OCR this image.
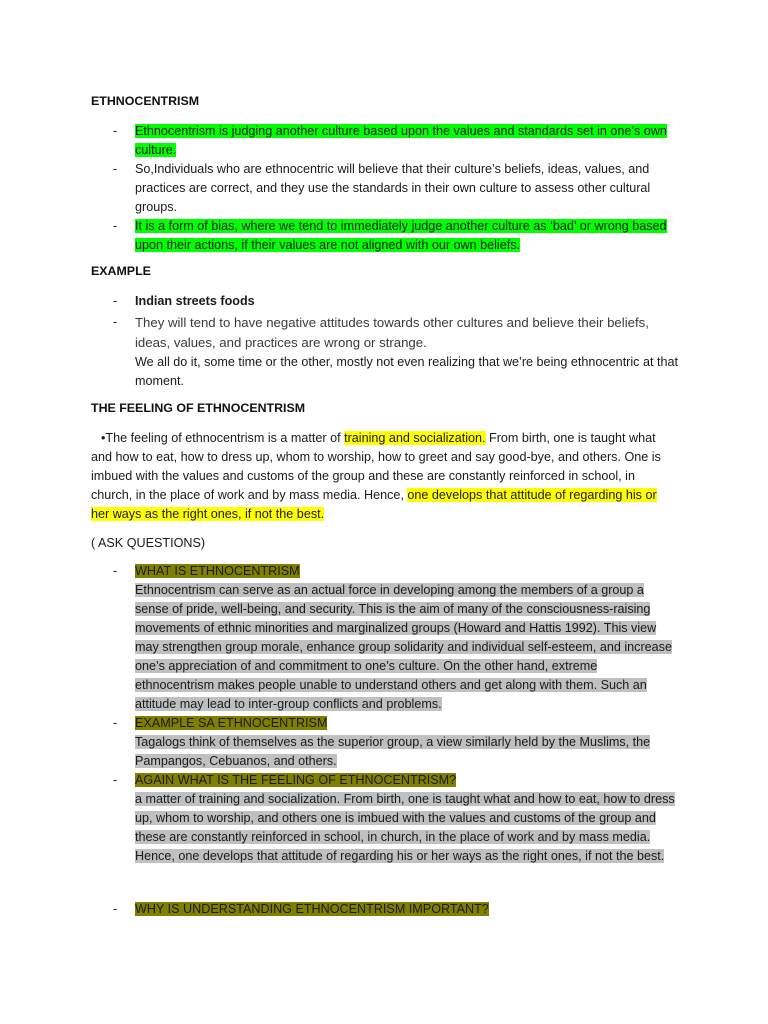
ETHNOCENTRISM
- Ethnocentrism is judging another culture based upon the values and standards set in one’s own culture.
- So,Individuals who are ethnocentric will believe that their culture’s beliefs, ideas, values, and practices are correct, and they use the standards in their own culture to assess other cultural groups.
- It is a form of bias, where we tend to immediately judge another culture as ‘bad’ or wrong based upon their actions, if their values are not aligned with our own beliefs.
EXAMPLE
- Indian streets foods
- They will tend to have negative attitudes towards other cultures and believe their beliefs, ideas, values, and practices are wrong or strange.
We all do it, some time or the other, mostly not even realizing that we’re being ethnocentric at that moment.
THE FEELING OF ETHNOCENTRISM

•The feeling of ethnocentrism is a matter of training and socialization. From birth, one is taught what and how to eat, how to dress up, whom to worship, how to greet and say good-bye, and others. One is imbued with the values and customs of the group and these are constantly reinforced in school, in church, in the place of work and by mass media. Hence, one develops that attitude of regarding his or her ways as the right ones, if not the best.

( ASK QUESTIONS)

- WHAT IS ETHNOCENTRISM

Ethnocentrism can serve as an actual force in developing among the members of a group a sense of pride, well-being, and security. This is the aim of many of the consciousness-raising movements of ethnic minorities and marginalized groups (Howard and Hattis 1992). This view may strengthen group morale, enhance group solidarity and individual self-esteem, and increase one’s appreciation of and commitment to one’s culture. On the other hand, extreme ethnocentrism makes people unable to understand others and get along with them. Such an attitude may lead to inter-group conflicts and problems.

- EXAMPLE SA ETHNOCENTRISM

Tagalogs think of themselves as the superior group, a view similarly held by the Muslims, the Pampangos, Cebuanos, and others.

- AGAIN WHAT IS THE FEELING OF ETHNOCENTRISM?

a matter of training and socialization. From birth, one is taught what and how to eat, how to dress up, whom to worship, and others one is imbued with the values and customs of the group and these are constantly reinforced in school, in church, in the place of work and by mass media. Hence, one develops that attitude of regarding his or her ways as the right ones, if not the best.

- WHY IS UNDERSTANDING ETHNOCENTRISM IMPORTANT?
